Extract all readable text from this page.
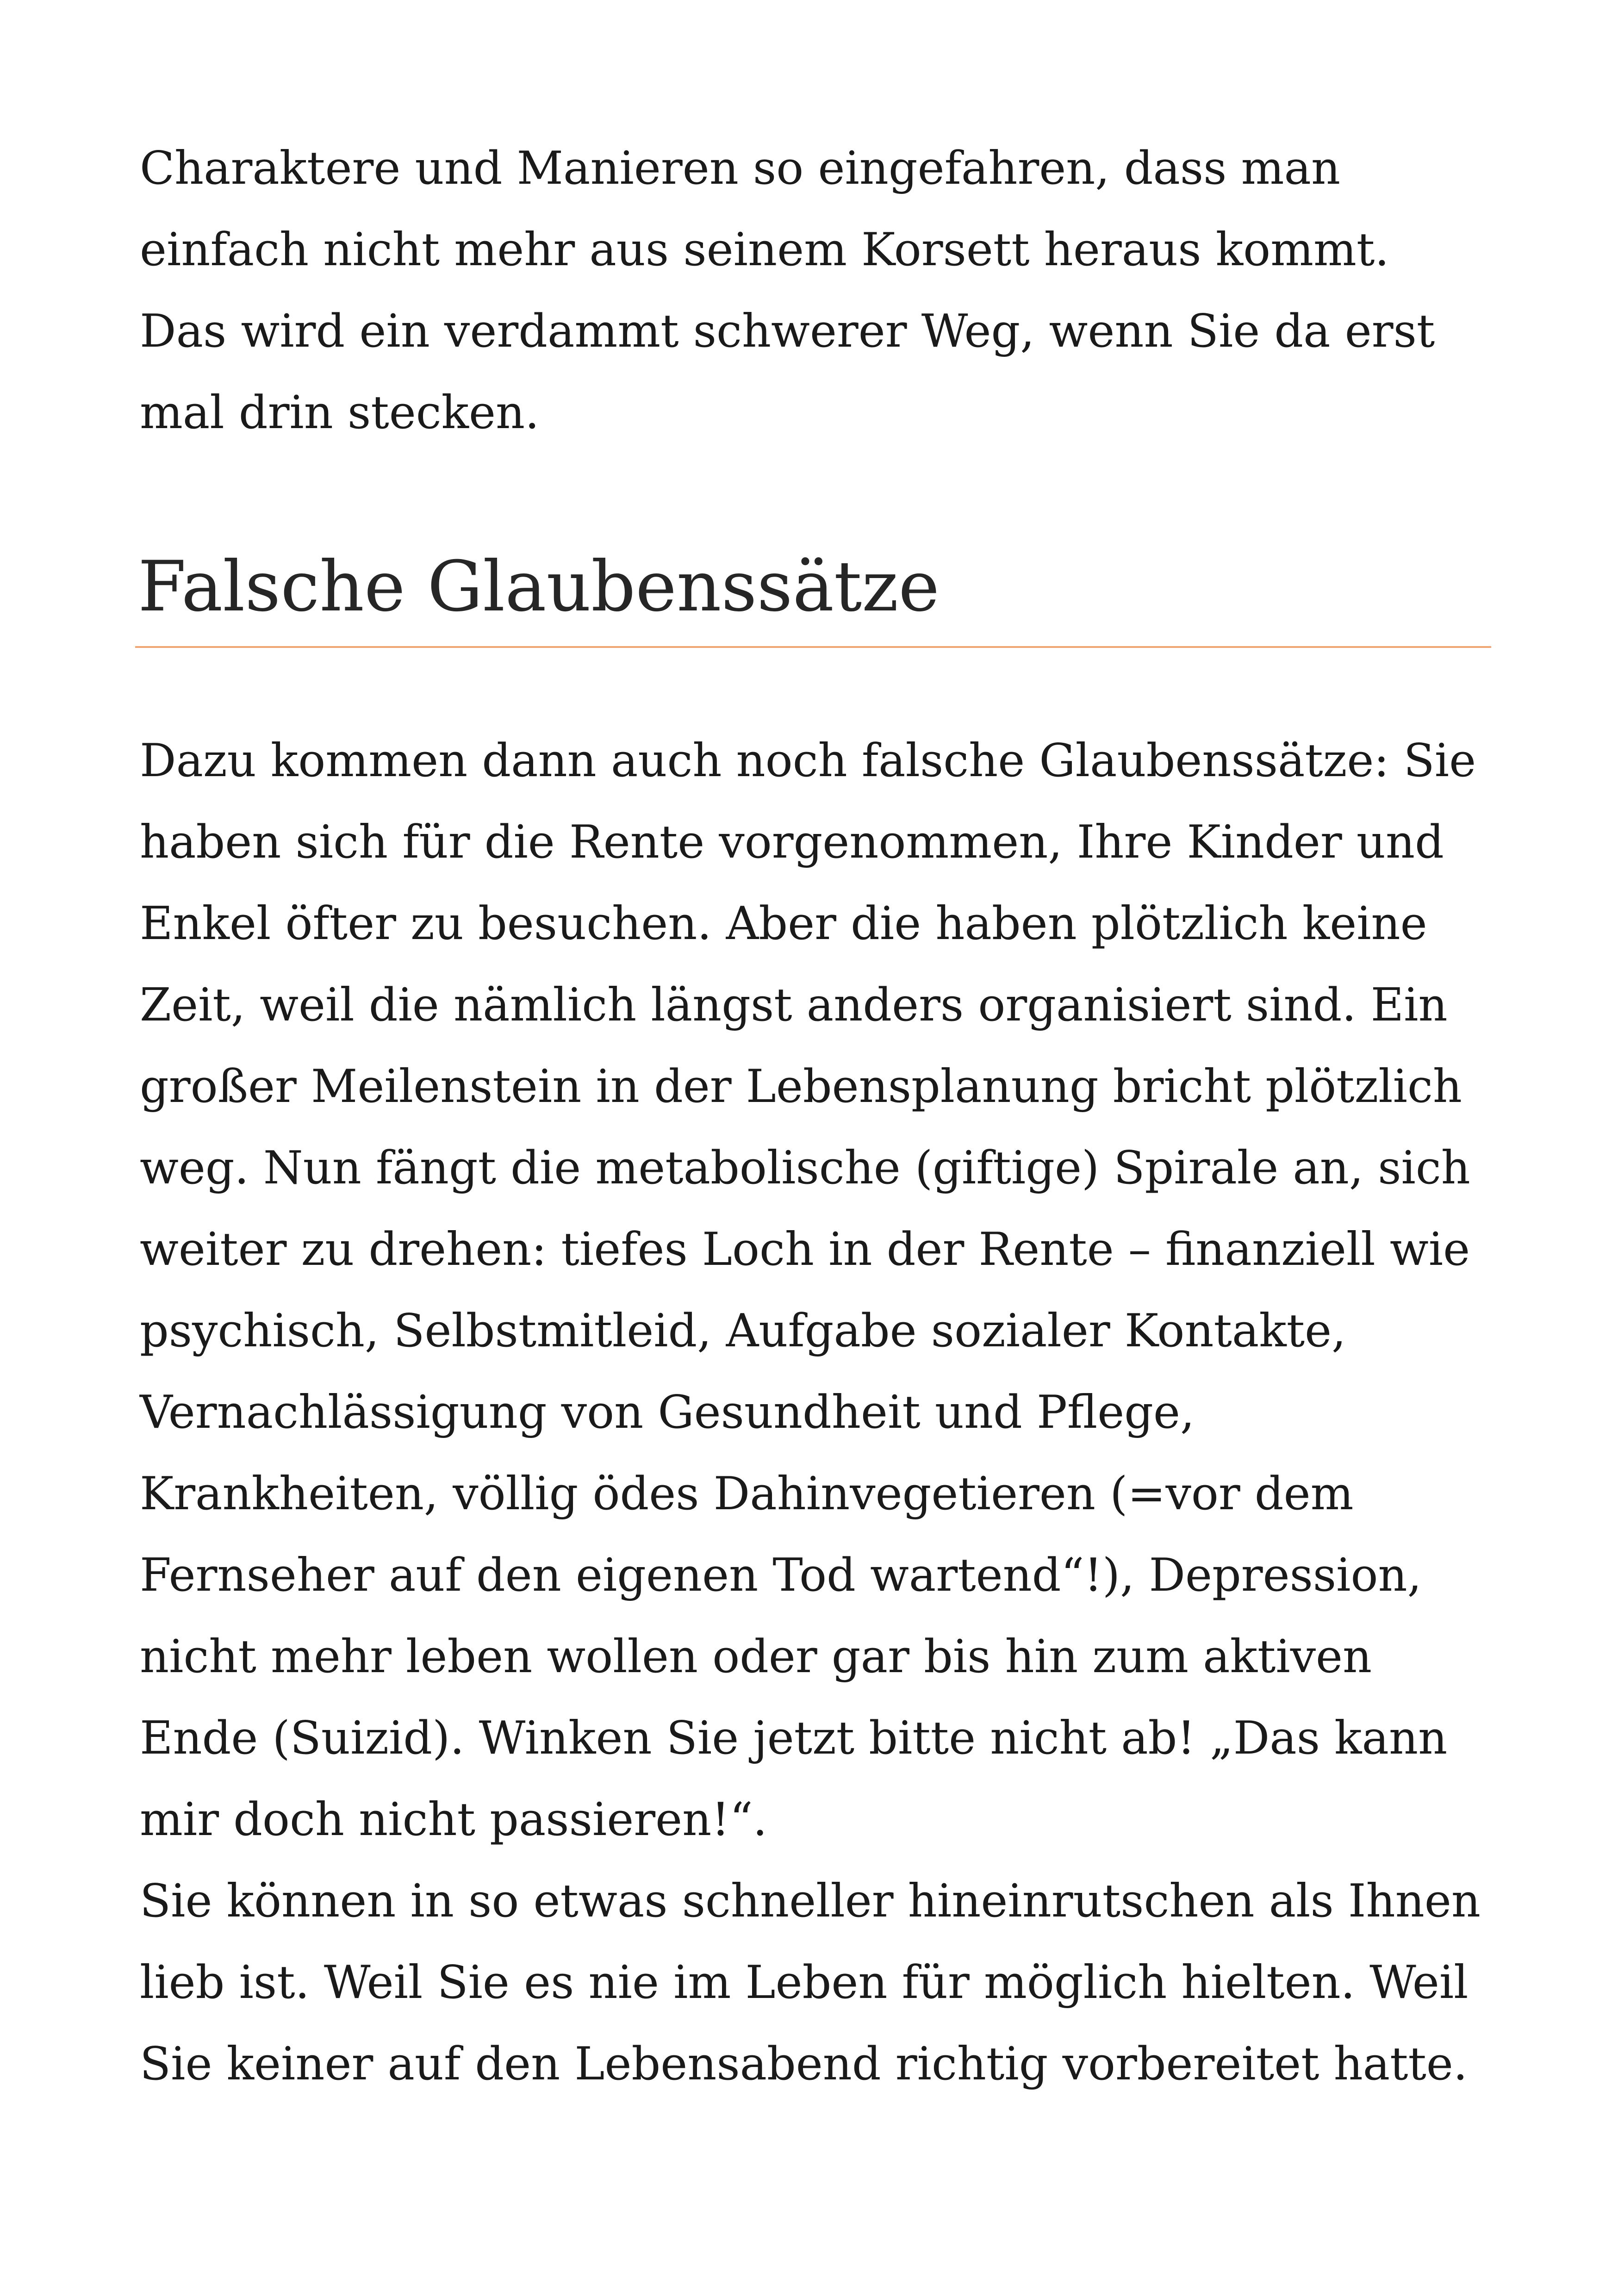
Charaktere und Manieren so eingefahren, dass man
einfach nicht mehr aus seinem Korsett heraus kommt.
Das wird ein verdammt schwerer Weg, wenn Sie da erst
mal drin stecken.
Falsche Glaubenssätze
Dazu kommen dann auch noch falsche Glaubenssätze: Sie
haben sich für die Rente vorgenommen, Ihre Kinder und
Enkel öfter zu besuchen. Aber die haben plötzlich keine
Zeit, weil die nämlich längst anders organisiert sind. Ein
großer Meilenstein in der Lebensplanung bricht plötzlich
weg. Nun fängt die metabolische (giftige) Spirale an, sich
weiter zu drehen: tiefes Loch in der Rente – finanziell wie
psychisch, Selbstmitleid, Aufgabe sozialer Kontakte,
Vernachlässigung von Gesundheit und Pflege,
Krankheiten, völlig ödes Dahinvegetieren (=vor dem
Fernseher auf den eigenen Tod wartend“!), Depression,
nicht mehr leben wollen oder gar bis hin zum aktiven
Ende (Suizid). Winken Sie jetzt bitte nicht ab! „Das kann
mir doch nicht passieren!“.
Sie können in so etwas schneller hineinrutschen als Ihnen
lieb ist. Weil Sie es nie im Leben für möglich hielten. Weil
Sie keiner auf den Lebensabend richtig vorbereitet hatte.
